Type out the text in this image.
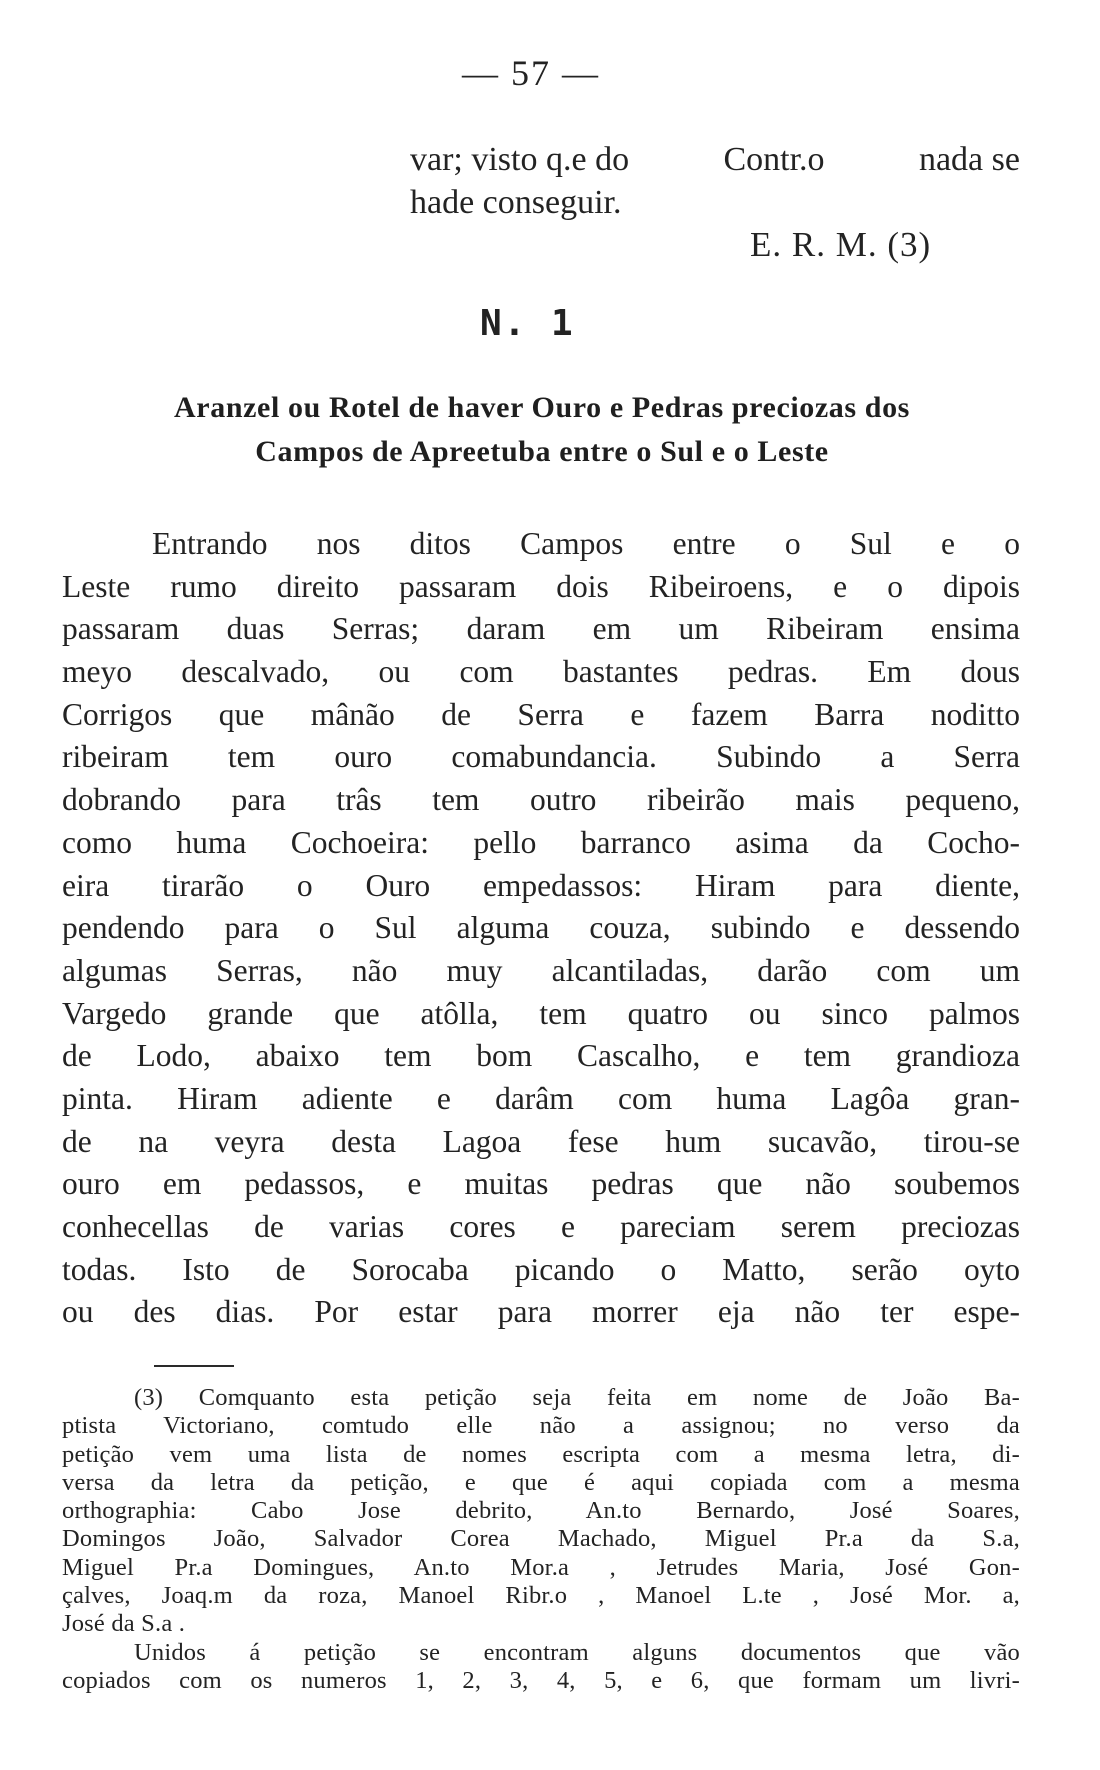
— 57 —
var; visto q.e do	Contr.o	nada se
hade conseguir.
E. R. M. (3)
N. 1
Aranzel ou Rotel de haver Ouro e Pedras preciozas dos
Campos de Apreetuba entre o Sul e o Leste
Entrando nos ditos Campos entre o Sul e o
Leste rumo direito passaram dois Ribeiroens, e o dipois
passaram duas Serras; daram em um Ribeiram ensima
meyo descalvado, ou com bastantes pedras. Em dous
Corrigos que mânão de Serra e fazem Barra noditto
ribeiram tem ouro comabundancia. Subindo a Serra
dobrando para trâs tem outro ribeirão mais pequeno,
como huma Cochoeira: pello barranco asima da Cocho-
eira tirarão o Ouro empedassos: Hiram para diente,
pendendo para o Sul alguma couza, subindo e dessendo
algumas Serras, não muy alcantiladas, darão com um
Vargedo grande que atôlla, tem quatro ou sinco palmos
de Lodo, abaixo tem bom Cascalho, e tem grandioza
pinta. Hiram adiente e darâm com huma Lagôa gran-
de na veyra desta Lagoa fese hum sucavão, tirou-se
ouro em pedassos, e muitas pedras que não soubemos
conhecellas de varias cores e pareciam serem preciozas
todas. Isto de Sorocaba picando o Matto, serão oyto
ou des dias. Por estar para morrer eja não ter espe-
(3) Comquanto esta petição seja feita em nome de João Ba-
ptista Victoriano, comtudo elle não a assignou; no verso da
petição vem uma lista de nomes escripta com a mesma letra, di-
versa da letra da petição, e que é aqui copiada com a mesma
orthographia: Cabo Jose debrito, An.to Bernardo, José Soares,
Domingos João, Salvador Corea Machado, Miguel Pr.a da S.a,
Miguel Pr.a Domingues, An.to Mor.a , Jetrudes Maria, José Gon-
çalves, Joaq.m da roza, Manoel Ribr.o , Manoel L.te , José Mor. a,
José da S.a .
Unidos á petição se encontram alguns documentos que vão
copiados com os numeros 1, 2, 3, 4, 5, e 6, que formam um livri-
